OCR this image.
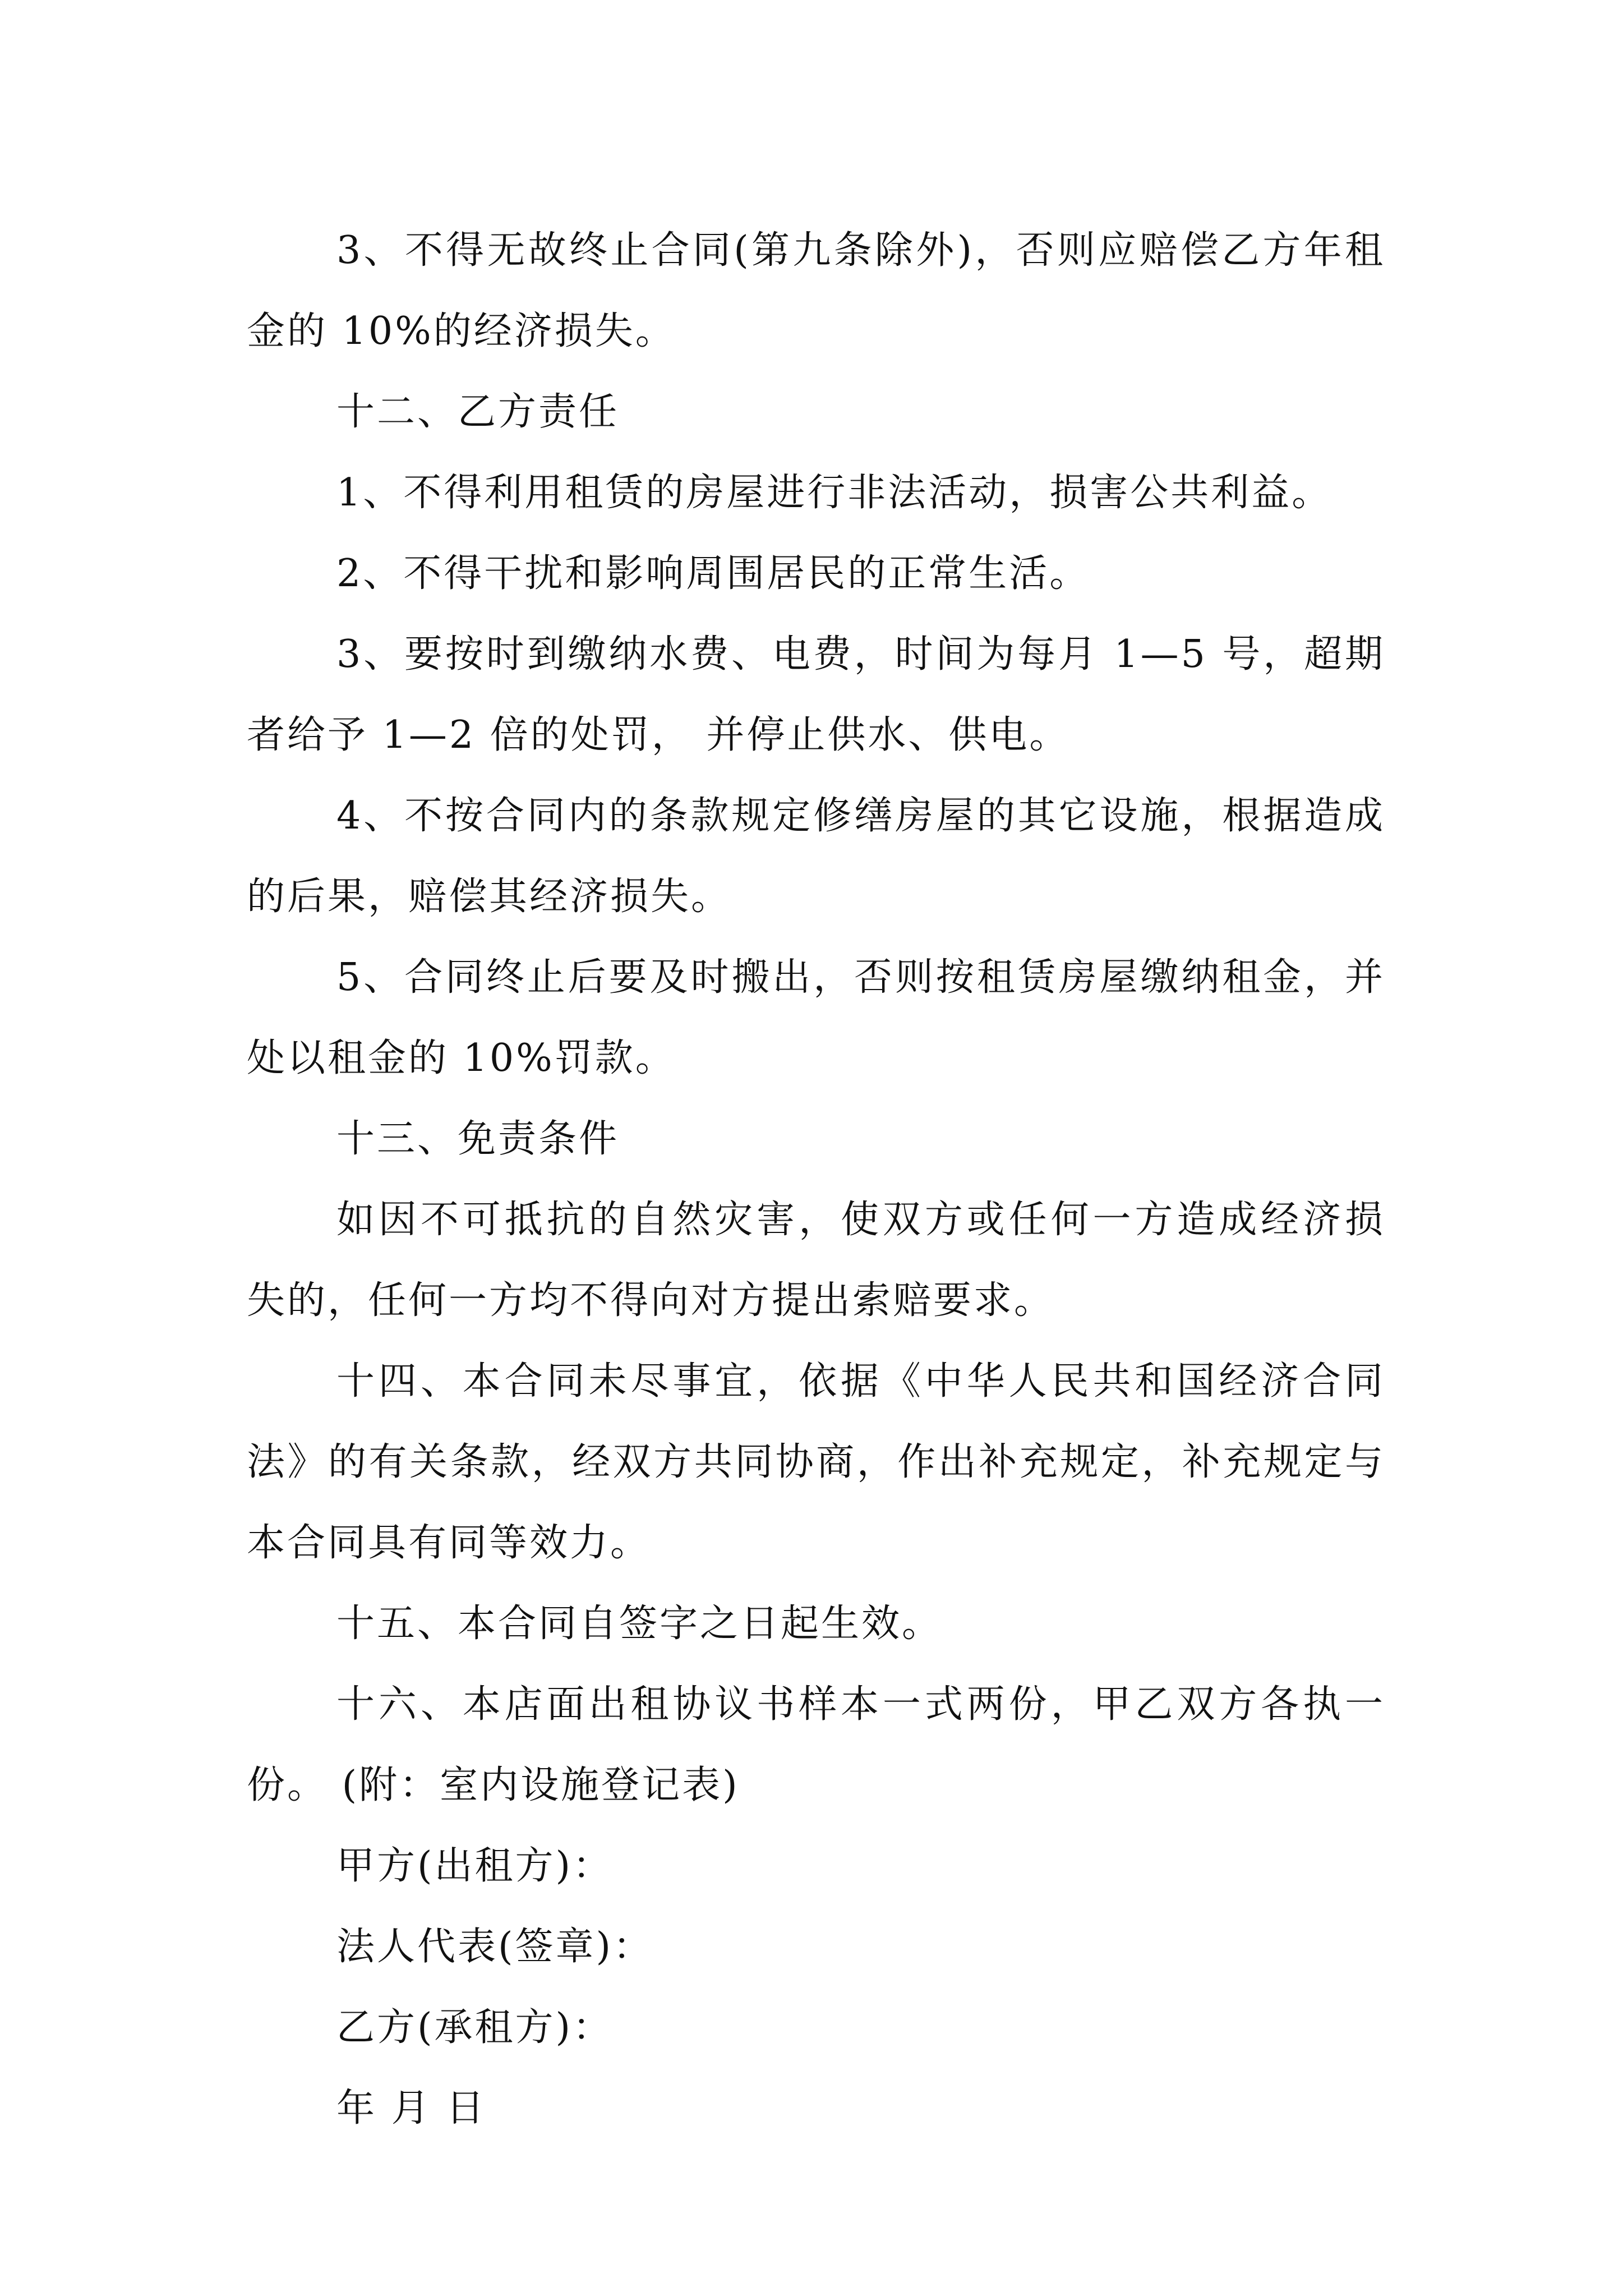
3、不得无故终止合同(第九条除外)，否则应赔偿乙方年租金的 10%的经济损失。

十二、乙方责任

1、不得利用租赁的房屋进行非法活动，损害公共利益。

2、不得干扰和影响周围居民的正常生活。

3、要按时到缴纳水费、电费，时间为每月 1—5 号，超期 者给予 1—2 倍的处罚， 并停止供水、供电。

4、不按合同内的条款规定修缮房屋的其它设施，根据造成的后果，赔偿其经济损失。

5、合同终止后要及时搬出，否则按租赁房屋缴纳租金，并处以租金的 10%罚款。

十三、免责条件

如因不可抵抗的自然灾害，使双方或任何一方造成经济损失的，任何一方均不得向对方提出索赔要求。

十四、本合同未尽事宜，依据《中华人民共和国经济合同法》的有关条款，经双方共同协商，作出补充规定，补充规定与本合同具有同等效力。

十五、本合同自签字之日起生效。

十六、本店面出租协议书样本一式两份，甲乙双方各执一份。 (附：室内设施登记表)

甲方(出租方)：

法人代表(签章)：

乙方(承租方)：

年 月 日
